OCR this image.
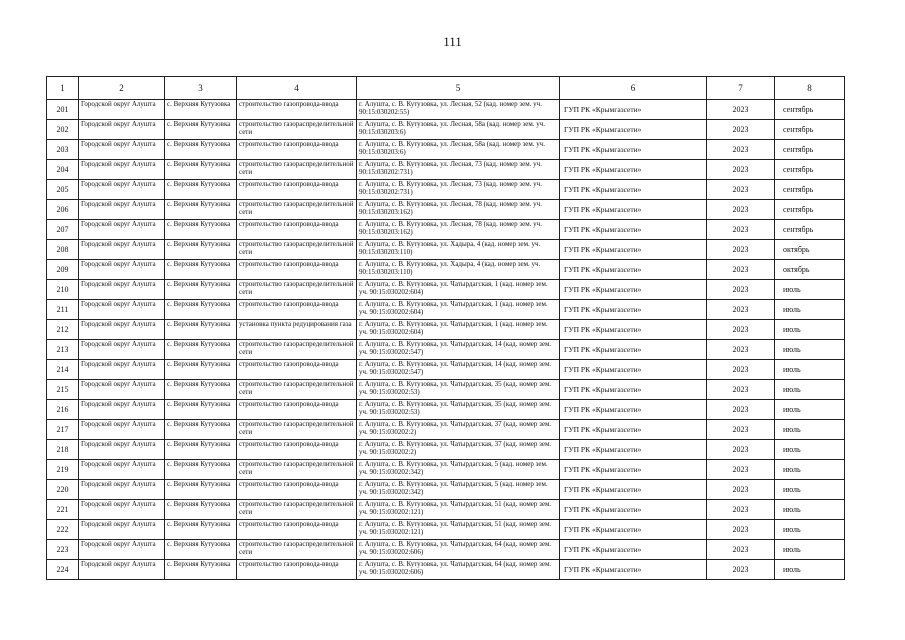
111
1	2	3	4	5	6	7	8
201	Городской округ Алушта	с. Верхняя Кутузовка	строительство газопровода-ввода	г. Алушта, с. В. Кутузовка, ул. Лесная, 52 (кад. номер зем. уч. 90:15:030202:55)	ГУП РК «Крымгазсети»	2023	сентябрь
202	Городской округ Алушта	с. Верхняя Кутузовка	строительство газораспределительной сети	г. Алушта, с. В. Кутузовка, ул. Лесная, 58а (кад. номер зем. уч. 90:15:030203:6)	ГУП РК «Крымгазсети»	2023	сентябрь
203	Городской округ Алушта	с. Верхняя Кутузовка	строительство газопровода-ввода	г. Алушта, с. В. Кутузовка, ул. Лесная, 58а (кад. номер зем. уч. 90:15:030203:6)	ГУП РК «Крымгазсети»	2023	сентябрь
204	Городской округ Алушта	с. Верхняя Кутузовка	строительство газораспределительной сети	г. Алушта, с. В. Кутузовка, ул. Лесная, 73 (кад. номер зем. уч. 90:15:030202:731)	ГУП РК «Крымгазсети»	2023	сентябрь
205	Городской округ Алушта	с. Верхняя Кутузовка	строительство газопровода-ввода	г. Алушта, с. В. Кутузовка, ул. Лесная, 73 (кад. номер зем. уч. 90:15:030202:731)	ГУП РК «Крымгазсети»	2023	сентябрь
206	Городской округ Алушта	с. Верхняя Кутузовка	строительство газораспределительной сети	г. Алушта, с. В. Кутузовка, ул. Лесная, 78 (кад. номер зем. уч. 90:15:030203:162)	ГУП РК «Крымгазсети»	2023	сентябрь
207	Городской округ Алушта	с. Верхняя Кутузовка	строительство газопровода-ввода	г. Алушта, с. В. Кутузовка, ул. Лесная, 78 (кад. номер зем. уч. 90:15:030203:162)	ГУП РК «Крымгазсети»	2023	сентябрь
208	Городской округ Алушта	с. Верхняя Кутузовка	строительство газораспределительной сети	г. Алушта, с. В. Кутузовка, ул. Хадыра, 4 (кад. номер зем. уч. 90:15:030203:110)	ГУП РК «Крымгазсети»	2023	октябрь
209	Городской округ Алушта	с. Верхняя Кутузовка	строительство газопровода-ввода	г. Алушта, с. В. Кутузовка, ул. Хадыра, 4 (кад. номер зем. уч. 90:15:030203:110)	ГУП РК «Крымгазсети»	2023	октябрь
210	Городской округ Алушта	с. Верхняя Кутузовка	строительство газораспределительной сети	г. Алушта, с. В. Кутузовка, ул. Чатырдагская, 1 (кад. номер зем. уч. 90:15:030202:604)	ГУП РК «Крымгазсети»	2023	июль
211	Городской округ Алушта	с. Верхняя Кутузовка	строительство газопровода-ввода	г. Алушта, с. В. Кутузовка, ул. Чатырдагская, 1 (кад. номер зем. уч. 90:15:030202:604)	ГУП РК «Крымгазсети»	2023	июль
212	Городской округ Алушта	с. Верхняя Кутузовка	установка пункта редуцирования газа	г. Алушта, с. В. Кутузовка, ул. Чатырдагская, 1 (кад. номер зем. уч. 90:15:030202:604)	ГУП РК «Крымгазсети»	2023	июль
213	Городской округ Алушта	с. Верхняя Кутузовка	строительство газораспределительной сети	г. Алушта, с. В. Кутузовка, ул. Чатырдагская, 14 (кад. номер зем. уч. 90:15:030202:547)	ГУП РК «Крымгазсети»	2023	июль
214	Городской округ Алушта	с. Верхняя Кутузовка	строительство газопровода-ввода	г. Алушта, с. В. Кутузовка, ул. Чатырдагская, 14 (кад. номер зем. уч. 90:15:030202:547)	ГУП РК «Крымгазсети»	2023	июль
215	Городской округ Алушта	с. Верхняя Кутузовка	строительство газораспределительной сети	г. Алушта, с. В. Кутузовка, ул. Чатырдагская, 35 (кад. номер зем. уч. 90:15:030202:53)	ГУП РК «Крымгазсети»	2023	июль
216	Городской округ Алушта	с. Верхняя Кутузовка	строительство газопровода-ввода	г. Алушта, с. В. Кутузовка, ул. Чатырдагская, 35 (кад. номер зем. уч. 90:15:030202:53)	ГУП РК «Крымгазсети»	2023	июль
217	Городской округ Алушта	с. Верхняя Кутузовка	строительство газораспределительной сети	г. Алушта, с. В. Кутузовка, ул. Чатырдагская, 37 (кад. номер зем. уч. 90:15:030202:2)	ГУП РК «Крымгазсети»	2023	июль
218	Городской округ Алушта	с. Верхняя Кутузовка	строительство газопровода-ввода	г. Алушта, с. В. Кутузовка, ул. Чатырдагская, 37 (кад. номер зем. уч. 90:15:030202:2)	ГУП РК «Крымгазсети»	2023	июль
219	Городской округ Алушта	с. Верхняя Кутузовка	строительство газораспределительной сети	г. Алушта, с. В. Кутузовка, ул. Чатырдагская, 5 (кад. номер зем. уч. 90:15:030202:342)	ГУП РК «Крымгазсети»	2023	июль
220	Городской округ Алушта	с. Верхняя Кутузовка	строительство газопровода-ввода	г. Алушта, с. В. Кутузовка, ул. Чатырдагская, 5 (кад. номер зем. уч. 90:15:030202:342)	ГУП РК «Крымгазсети»	2023	июль
221	Городской округ Алушта	с. Верхняя Кутузовка	строительство газораспределительной сети	г. Алушта, с. В. Кутузовка, ул. Чатырдагская, 51 (кад. номер зем. уч. 90:15:030202:121)	ГУП РК «Крымгазсети»	2023	июль
222	Городской округ Алушта	с. Верхняя Кутузовка	строительство газопровода-ввода	г. Алушта, с. В. Кутузовка, ул. Чатырдагская, 51 (кад. номер зем. уч. 90:15:030202:121)	ГУП РК «Крымгазсети»	2023	июль
223	Городской округ Алушта	с. Верхняя Кутузовка	строительство газораспределительной сети	г. Алушта, с. В. Кутузовка, ул. Чатырдагская, 64 (кад. номер зем. уч. 90:15:030202:606)	ГУП РК «Крымгазсети»	2023	июль
224	Городской округ Алушта	с. Верхняя Кутузовка	строительство газопровода-ввода	г. Алушта, с. В. Кутузовка, ул. Чатырдагская, 64 (кад. номер зем. уч. 90:15:030202:606)	ГУП РК «Крымгазсети»	2023	июль
